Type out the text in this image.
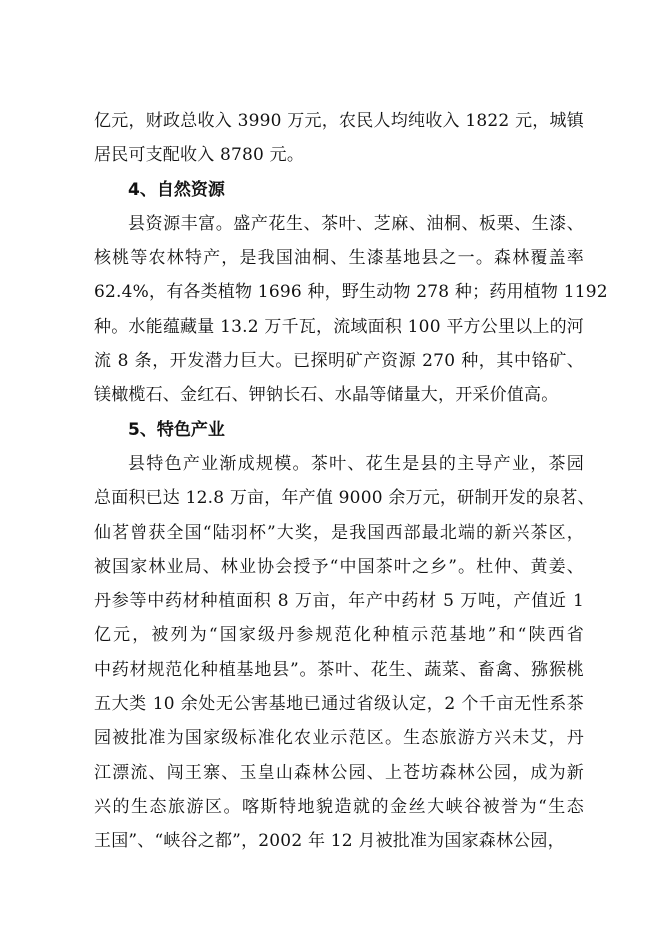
亿元，财政总收入 3990 万元，农民人均纯收入 1822 元，城镇
居民可支配收入 8780 元。
4、自然资源
县资源丰富。盛产花生、茶叶、芝麻、油桐、板栗、生漆、
核桃等农林特产，是我国油桐、生漆基地县之一。森林覆盖率
62.4%，有各类植物 1696 种，野生动物 278 种；药用植物 1192
种。水能蕴藏量 13.2 万千瓦，流域面积 100 平方公里以上的河
流 8 条，开发潜力巨大。已探明矿产资源 270 种，其中铬矿、
镁橄榄石、金红石、钾钠长石、水晶等储量大，开采价值高。
5、特色产业
县特色产业渐成规模。茶叶、花生是县的主导产业，茶园
总面积已达 12.8 万亩，年产值 9000 余万元，研制开发的泉茗、
仙茗曾获全国“陆羽杯”大奖，是我国西部最北端的新兴茶区，
被国家林业局、林业协会授予“中国茶叶之乡”。杜仲、黄姜、
丹参等中药材种植面积 8 万亩，年产中药材 5 万吨，产值近 1
亿元，被列为“国家级丹参规范化种植示范基地”和“陕西省
中药材规范化种植基地县”。茶叶、花生、蔬菜、畜禽、猕猴桃
五大类 10 余处无公害基地已通过省级认定，2 个千亩无性系茶
园被批准为国家级标准化农业示范区。生态旅游方兴未艾，丹
江漂流、闯王寨、玉皇山森林公园、上苍坊森林公园，成为新
兴的生态旅游区。喀斯特地貌造就的金丝大峡谷被誉为“生态
王国”、“峡谷之都”，2002 年 12 月被批准为国家森林公园，
